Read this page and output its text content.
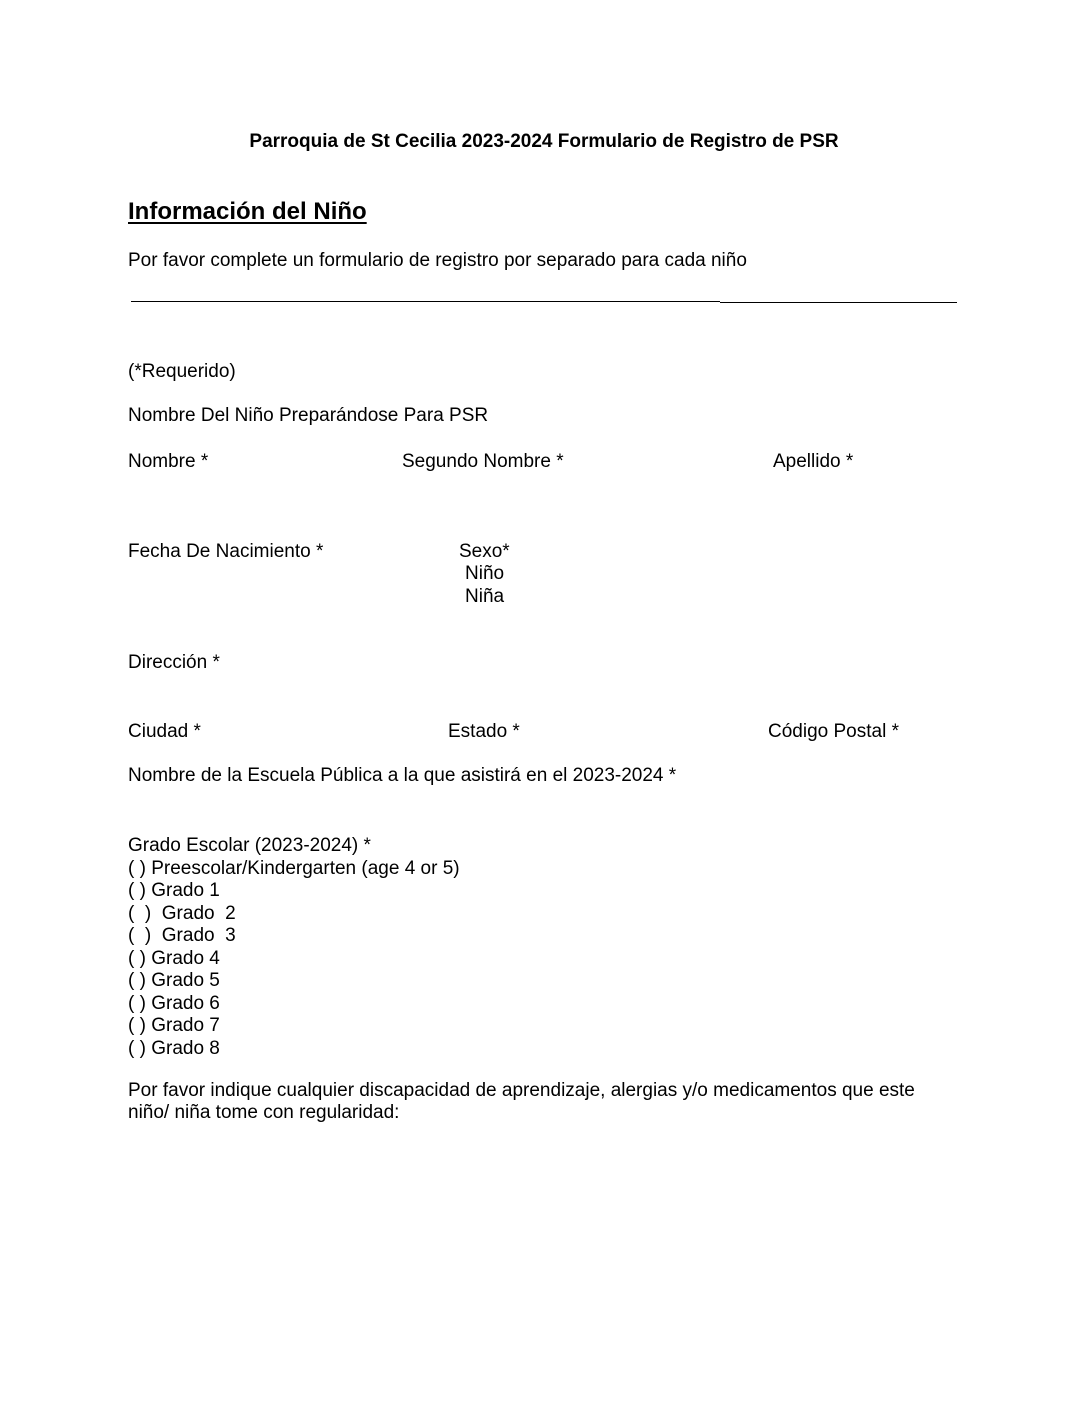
Parroquia de St Cecilia 2023-2024 Formulario de Registro de PSR
Información del Niño
Por favor complete un formulario de registro por separado para cada niño
(*Requerido)
Nombre Del Niño Preparándose Para PSR
Nombre *	Segundo Nombre *	Apellido *
Fecha De Nacimiento *	Sexo*
Niño
Niña
Dirección *
Ciudad *	Estado *	Código Postal *
Nombre de la Escuela Pública a la que asistirá en el 2023-2024 *
Grado Escolar (2023-2024) *
( ) Preescolar/Kindergarten (age 4 or 5)
( ) Grado 1
(  )  Grado  2
(  )  Grado  3
( ) Grado 4
( ) Grado 5
( ) Grado 6
( ) Grado 7
( ) Grado 8
Por favor indique cualquier discapacidad de aprendizaje, alergias y/o medicamentos que este niño/ niña tome con regularidad:
